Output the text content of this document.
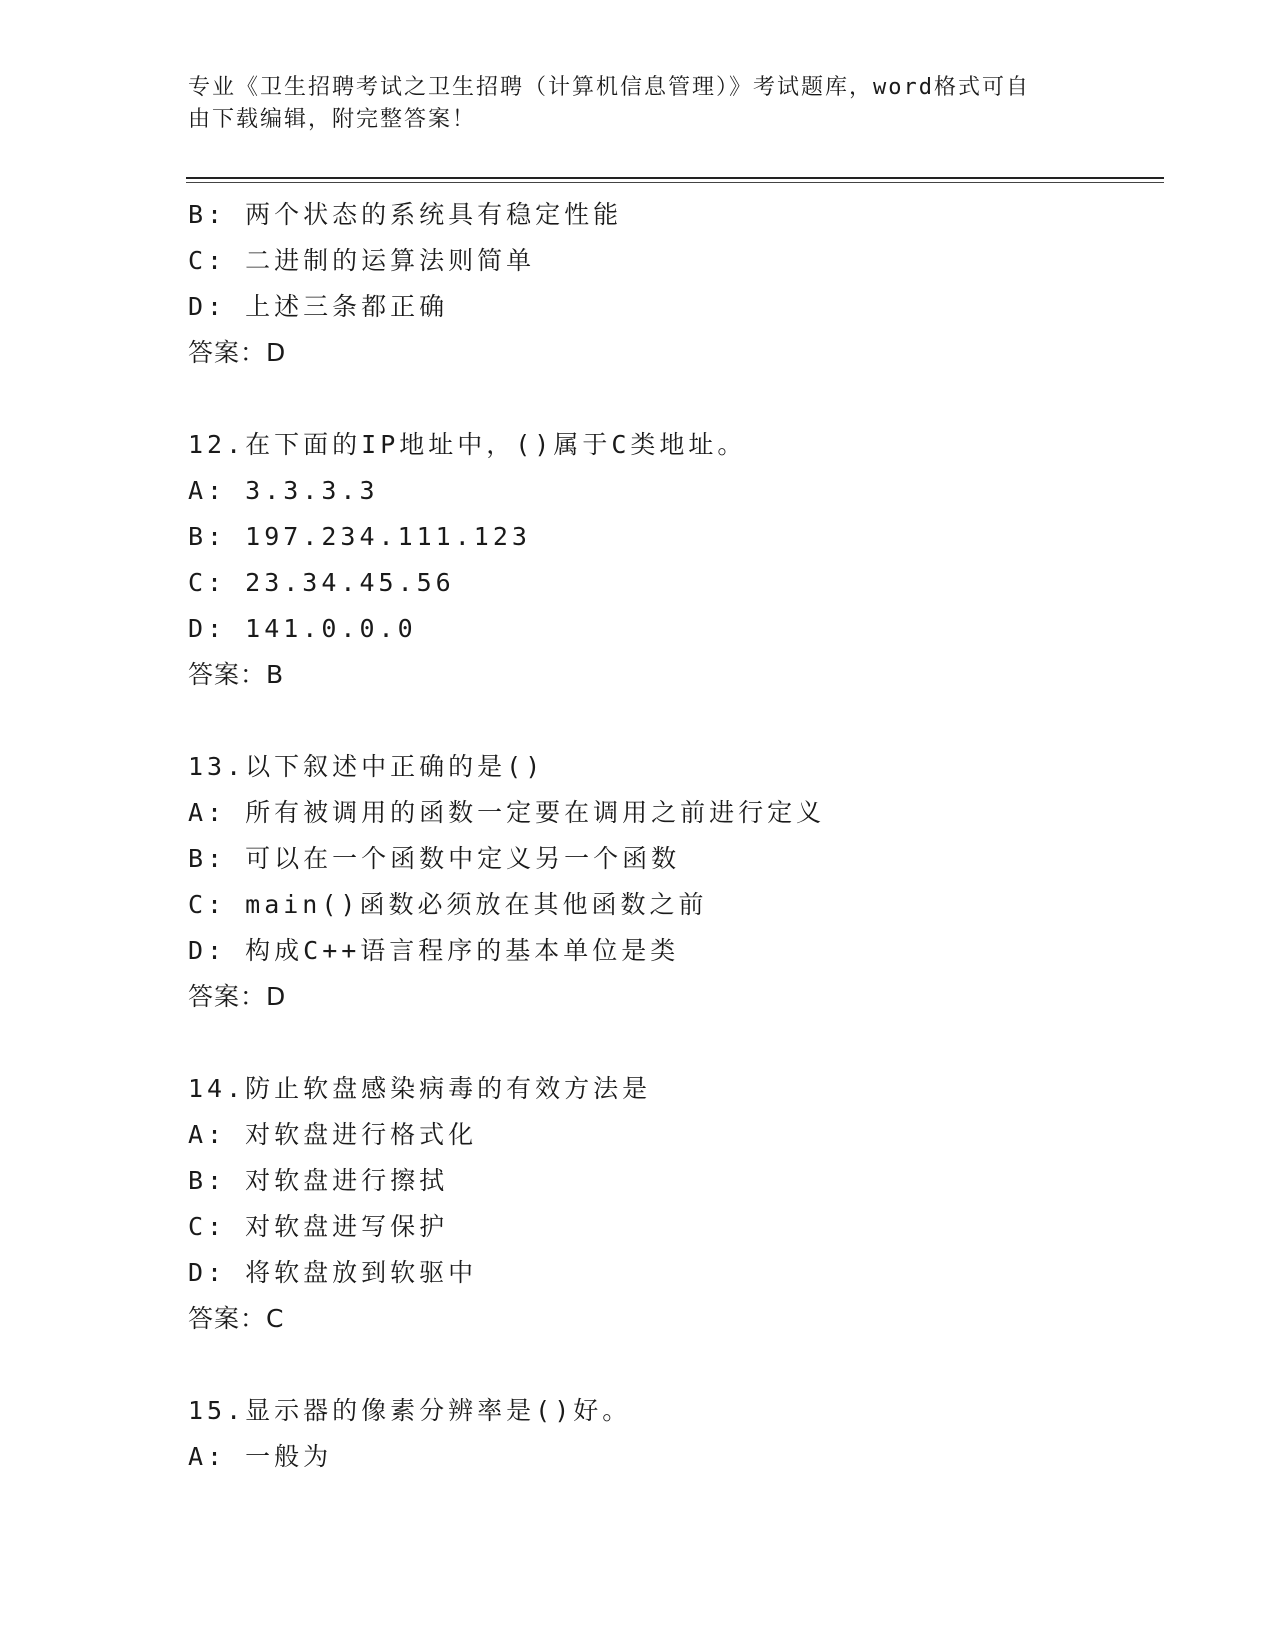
专业《卫生招聘考试之卫生招聘（计算机信息管理）》考试题库，word格式可自
由下载编辑，附完整答案！
B: 两个状态的系统具有稳定性能
C: 二进制的运算法则简单
D: 上述三条都正确
答案：D
12.在下面的IP地址中，()属于C类地址。
A: 3.3.3.3
B: 197.234.111.123
C: 23.34.45.56
D: 141.0.0.0
答案：B
13.以下叙述中正确的是()
A: 所有被调用的函数一定要在调用之前进行定义
B: 可以在一个函数中定义另一个函数
C: main()函数必须放在其他函数之前
D: 构成C++语言程序的基本单位是类
答案：D
14.防止软盘感染病毒的有效方法是
A: 对软盘进行格式化
B: 对软盘进行擦拭
C: 对软盘进写保护
D: 将软盘放到软驱中
答案：C
15.显示器的像素分辨率是()好。
A: 一般为
